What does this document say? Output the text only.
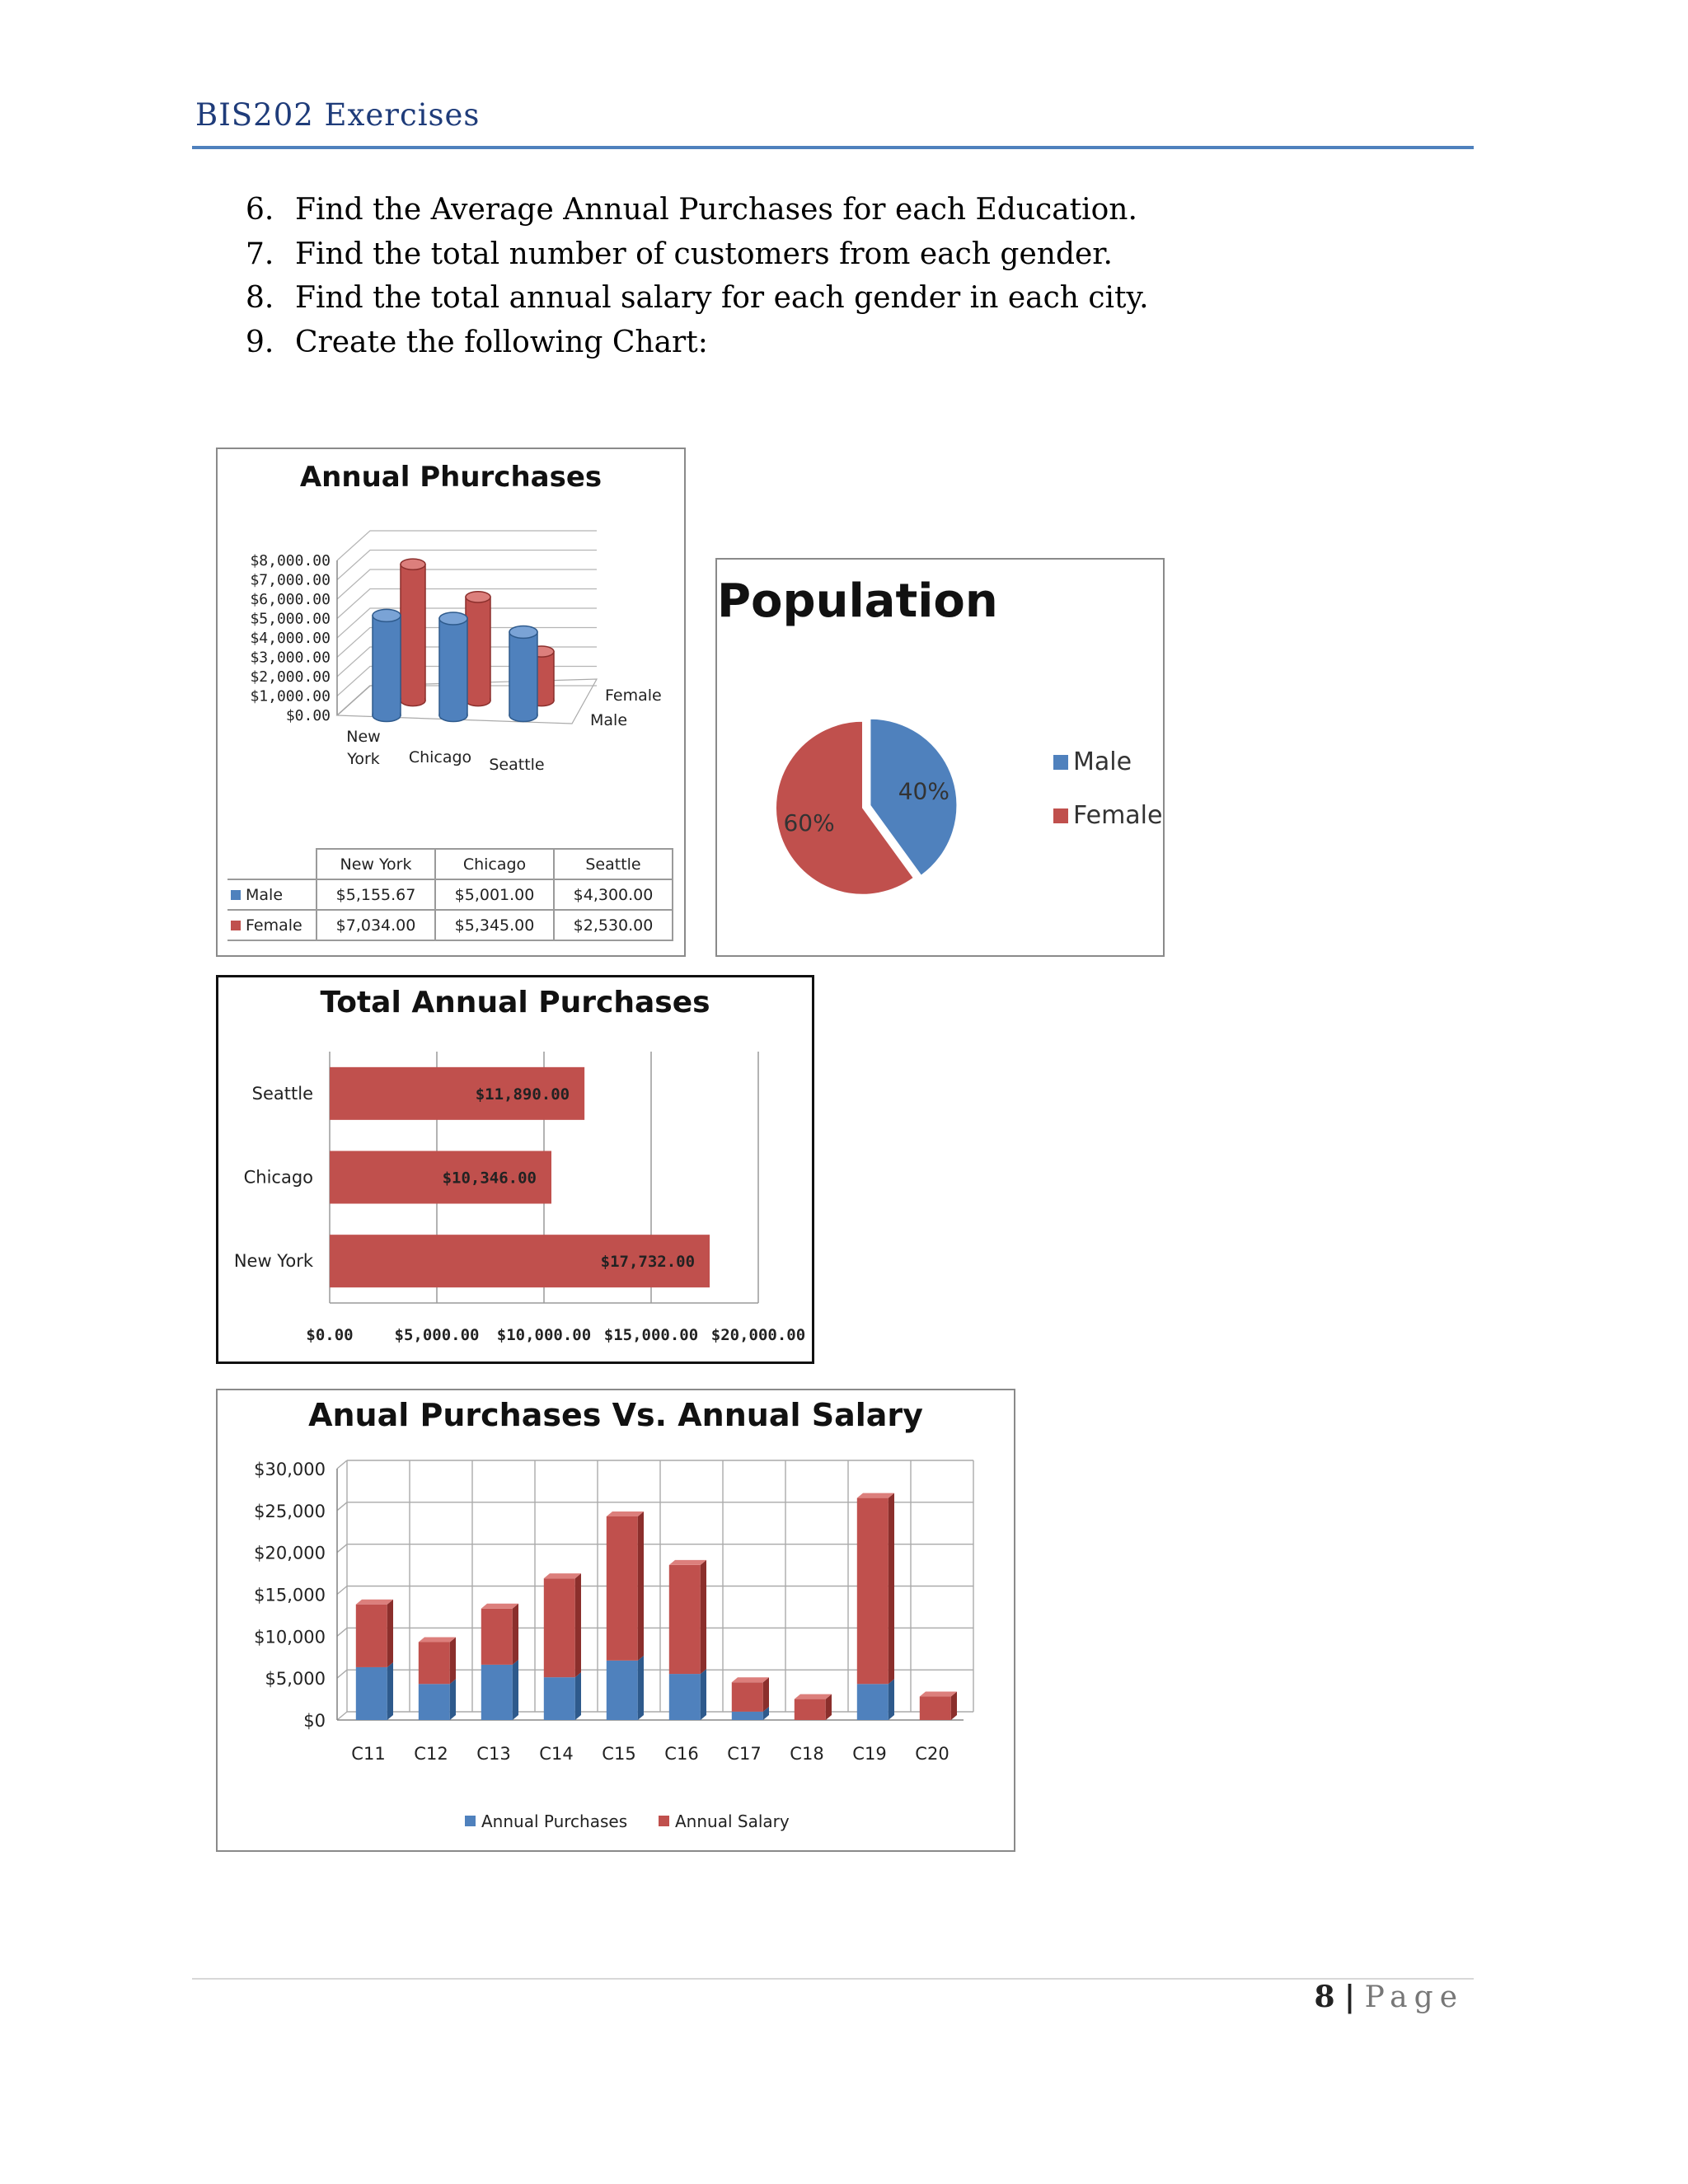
BIS202 Exercises
6. Find the Average Annual Purchases for each Education.
7. Find the total number of customers from each gender.
8. Find the total annual salary for each gender in each city.
9. Create the following Chart:
Annual Phurchases
$8,000.00
$7,000.00
$6,000.00
$5,000.00
$4,000.00
$3,000.00
$2,000.00
$1,000.00
$0.00
New
York Chicago Seattle
Female
Male
	New York	Chicago	Seattle
Male	$5,155.67	$5,001.00	$4,300.00
Female	$7,034.00	$5,345.00	$2,530.00
Population
40%
60%
Male
Female
Total Annual Purchases
$0.00	$5,000.00 $10,000.00 $15,000.00 $20,000.00
$11,890.00
Seattle
$10,346.00
Chicago
$17,732.00
New York
Anual Purchases Vs. Annual Salary
$30,000
$25,000
$20,000
$15,000
$10,000
$5,000
$0
C11 C12 C13 C14 C15 C16 C17 C18 C19 C20
Annual Purchases	Annual Salary
8 | Page
